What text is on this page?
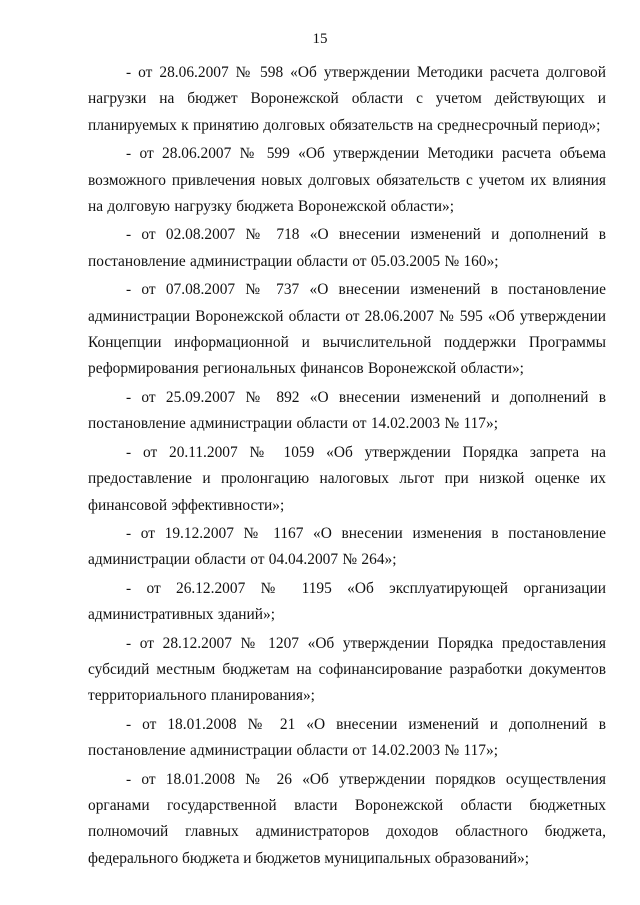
15

- от 28.06.2007 № 598 «Об утверждении Методики расчета долговой нагрузки на бюджет Воронежской области с учетом действующих и планируемых к принятию долговых обязательств на среднесрочный период»;

- от 28.06.2007 № 599 «Об утверждении Методики расчета объема возможного привлечения новых долговых обязательств с учетом их влияния на долговую нагрузку бюджета Воронежской области»;

- от 02.08.2007 № 718 «О внесении изменений и дополнений в постановление администрации области от 05.03.2005 № 160»;

- от 07.08.2007 № 737 «О внесении изменений в постановление администрации Воронежской области от 28.06.2007 № 595 «Об утверждении Концепции информационной и вычислительной поддержки Программы реформирования региональных финансов Воронежской области»;

- от 25.09.2007 № 892 «О внесении изменений и дополнений в постановление администрации области от 14.02.2003 № 117»;

- от 20.11.2007 № 1059 «Об утверждении Порядка запрета на предоставление и пролонгацию налоговых льгот при низкой оценке их финансовой эффективности»;

- от 19.12.2007 № 1167 «О внесении изменения в постановление администрации области от 04.04.2007 № 264»;

- от 26.12.2007 № 1195 «Об эксплуатирующей организации административных зданий»;

- от 28.12.2007 № 1207 «Об утверждении Порядка предоставления субсидий местным бюджетам на софинансирование разработки документов территориального планирования»;

- от 18.01.2008 № 21 «О внесении изменений и дополнений в постановление администрации области от 14.02.2003 № 117»;

- от 18.01.2008 № 26 «Об утверждении порядков осуществления органами государственной власти Воронежской области бюджетных полномочий главных администраторов доходов областного бюджета, федерального бюджета и бюджетов муниципальных образований»;
